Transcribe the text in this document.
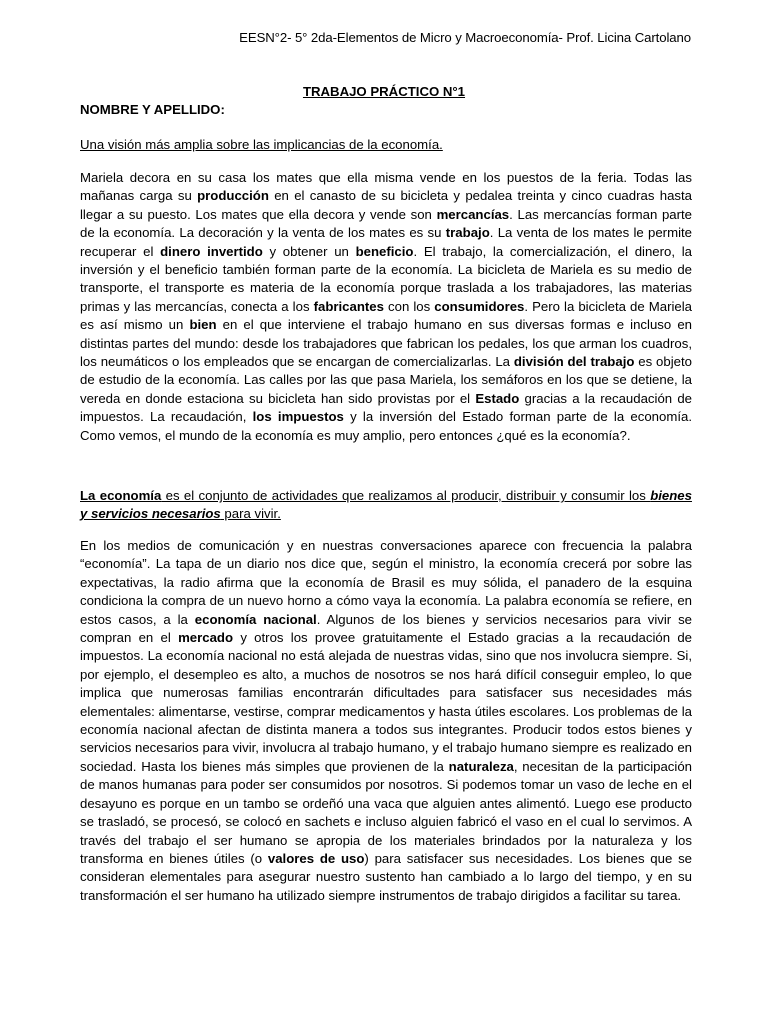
EESN°2- 5° 2da-Elementos de Micro y Macroeconomía- Prof. Licina Cartolano
TRABAJO PRÁCTICO N°1
NOMBRE Y APELLIDO:
Una visión más amplia sobre las implicancias de la economía.
Mariela decora en su casa los mates que ella misma vende en los puestos de la feria. Todas las mañanas carga su producción en el canasto de su bicicleta y pedalea treinta y cinco cuadras hasta llegar a su puesto. Los mates que ella decora y vende son mercancías. Las mercancías forman parte de la economía. La decoración y la venta de los mates es su trabajo. La venta de los mates le permite recuperar el dinero invertido y obtener un beneficio. El trabajo, la comercialización, el dinero, la inversión y el beneficio también forman parte de la economía. La bicicleta de Mariela es su medio de transporte, el transporte es materia de la economía porque traslada a los trabajadores, las materias primas y las mercancías, conecta a los fabricantes con los consumidores. Pero la bicicleta de Mariela es así mismo un bien en el que interviene el trabajo humano en sus diversas formas e incluso en distintas partes del mundo: desde los trabajadores que fabrican los pedales, los que arman los cuadros, los neumáticos o los empleados que se encargan de comercializarlas. La división del trabajo es objeto de estudio de la economía. Las calles por las que pasa Mariela, los semáforos en los que se detiene, la vereda en donde estaciona su bicicleta han sido provistas por el Estado gracias a la recaudación de impuestos. La recaudación, los impuestos y la inversión del Estado forman parte de la economía. Como vemos, el mundo de la economía es muy amplio, pero entonces ¿qué es la economía?.
La economía es el conjunto de actividades que realizamos al producir, distribuir y consumir los bienes y servicios necesarios para vivir.
En los medios de comunicación y en nuestras conversaciones aparece con frecuencia la palabra “economía”. La tapa de un diario nos dice que, según el ministro, la economía crecerá por sobre las expectativas, la radio afirma que la economía de Brasil es muy sólida, el panadero de la esquina condiciona la compra de un nuevo horno a cómo vaya la economía. La palabra economía se refiere, en estos casos, a la economía nacional. Algunos de los bienes y servicios necesarios para vivir se compran en el mercado y otros los provee gratuitamente el Estado gracias a la recaudación de impuestos. La economía nacional no está alejada de nuestras vidas, sino que nos involucra siempre. Si, por ejemplo, el desempleo es alto, a muchos de nosotros se nos hará difícil conseguir empleo, lo que implica que numerosas familias encontrarán dificultades para satisfacer sus necesidades más elementales: alimentarse, vestirse, comprar medicamentos y hasta útiles escolares. Los problemas de la economía nacional afectan de distinta manera a todos sus integrantes. Producir todos estos bienes y servicios necesarios para vivir, involucra al trabajo humano, y el trabajo humano siempre es realizado en sociedad. Hasta los bienes más simples que provienen de la naturaleza, necesitan de la participación de manos humanas para poder ser consumidos por nosotros. Si podemos tomar un vaso de leche en el desayuno es porque en un tambo se ordeñó una vaca que alguien antes alimentó. Luego ese producto se trasladó, se procesó, se colocó en sachets e incluso alguien fabricó el vaso en el cual lo servimos. A través del trabajo el ser humano se apropia de los materiales brindados por la naturaleza y los transforma en bienes útiles (o valores de uso) para satisfacer sus necesidades. Los bienes que se consideran elementales para asegurar nuestro sustento han cambiado a lo largo del tiempo, y en su transformación el ser humano ha utilizado siempre instrumentos de trabajo dirigidos a facilitar su tarea.
